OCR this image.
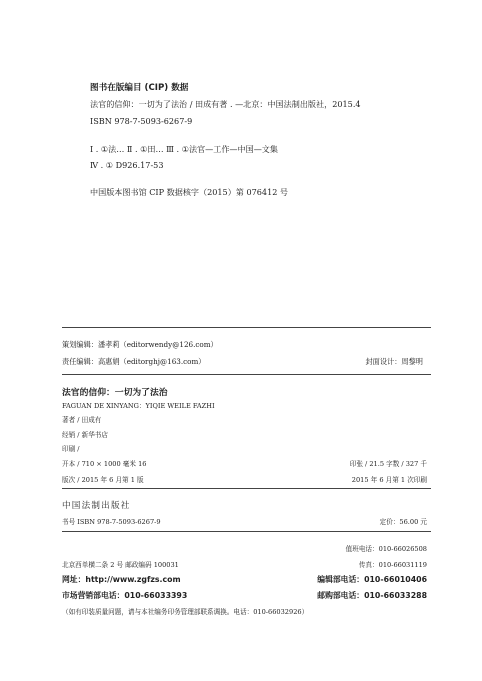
图书在版编目 (CIP) 数据
法官的信仰：一切为了法治 / 田成有著 . —北京：中国法制出版社，2015.4
ISBN 978-7-5093-6267-9
Ⅰ . ①法… Ⅱ . ①田… Ⅲ . ①法官—工作—中国—文集
Ⅳ . ① D926.17-53
中国版本图书馆 CIP 数据核字（2015）第 076412 号
策划编辑：潘孝莉（editorwendy@126.com）
责任编辑：高惠娟（editorghj@163.com）	封面设计：周黎明
法官的信仰：一切为了法治
FAGUAN DE XINYANG：YIQIE WEILE FAZHI
著者 / 田成有
经销 / 新华书店
印刷 /
开本 / 710 × 1000 毫米 16	印张 / 21.5 字数 / 327 千
版次 / 2015 年 6 月第 1 版	2015 年 6 月第 1 次印刷
中国法制出版社
书号 ISBN 978-7-5093-6267-9	定价：56.00 元
值班电话：010-66026508
北京西单横二条 2 号 邮政编码 100031	传真：010-66031119
网址：http://www.zgfzs.com	编辑部电话：010-66010406
市场营销部电话：010-66033393	邮购部电话：010-66033288
（如有印装质量问题，请与本社编务印务管理部联系调换。电话：010-66032926）
